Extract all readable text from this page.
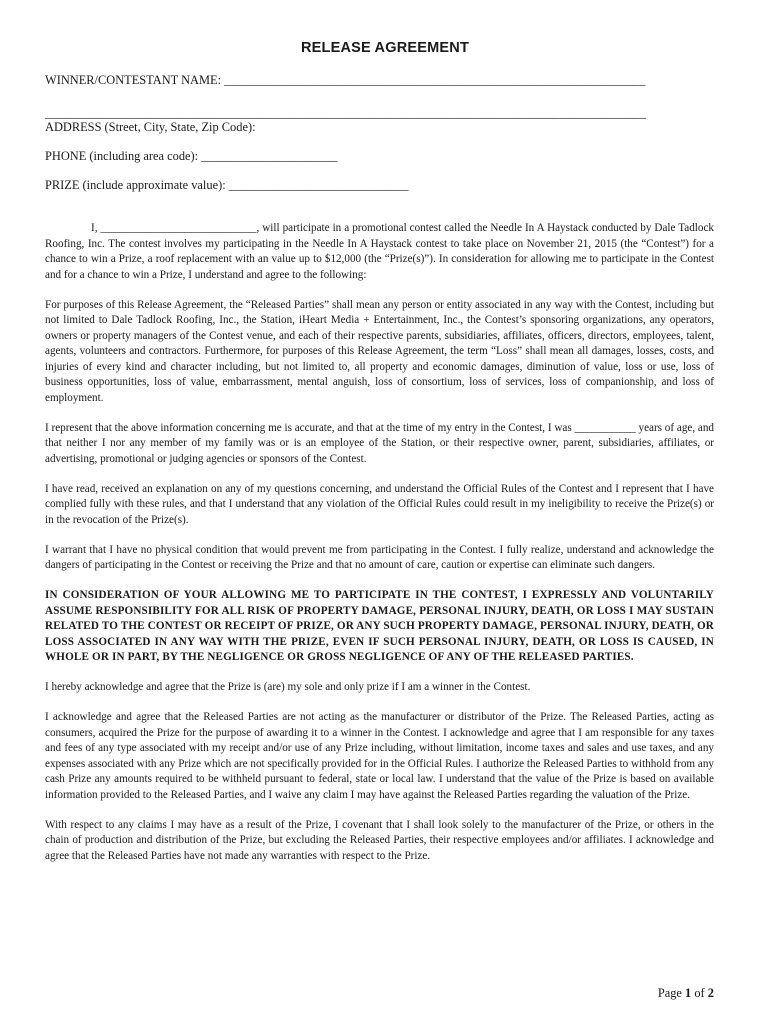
RELEASE AGREEMENT
WINNER/CONTESTANT NAME: ____________________________________________________________________
_________________________________________________________________________________________________
ADDRESS (Street, City, State, Zip Code):
PHONE (including area code): ______________________
PRIZE (include approximate value): _____________________________

I, ____________________________, will participate in a promotional contest called the Needle In A Haystack conducted by Dale Tadlock Roofing, Inc. The contest involves my participating in the Needle In A Haystack contest to take place on November 21, 2015 (the “Contest”) for a chance to win a Prize, a roof replacement with an value up to $12,000 (the “Prize(s)”). In consideration for allowing me to participate in the Contest and for a chance to win a Prize, I understand and agree to the following:

For purposes of this Release Agreement, the “Released Parties” shall mean any person or entity associated in any way with the Contest, including but not limited to Dale Tadlock Roofing, Inc., the Station, iHeart Media + Entertainment, Inc., the Contest’s sponsoring organizations, any operators, owners or property managers of the Contest venue, and each of their respective parents, subsidiaries, affiliates, officers, directors, employees, talent, agents, volunteers and contractors. Furthermore, for purposes of this Release Agreement, the term “Loss” shall mean all damages, losses, costs, and injuries of every kind and character including, but not limited to, all property and economic damages, diminution of value, loss or use, loss of business opportunities, loss of value, embarrassment, mental anguish, loss of consortium, loss of services, loss of companionship, and loss of employment.

I represent that the above information concerning me is accurate, and that at the time of my entry in the Contest, I was ___________ years of age, and that neither I nor any member of my family was or is an employee of the Station, or their respective owner, parent, subsidiaries, affiliates, or advertising, promotional or judging agencies or sponsors of the Contest.

I have read, received an explanation on any of my questions concerning, and understand the Official Rules of the Contest and I represent that I have complied fully with these rules, and that I understand that any violation of the Official Rules could result in my ineligibility to receive the Prize(s) or in the revocation of the Prize(s).

I warrant that I have no physical condition that would prevent me from participating in the Contest. I fully realize, understand and acknowledge the dangers of participating in the Contest or receiving the Prize and that no amount of care, caution or expertise can eliminate such dangers.

IN CONSIDERATION OF YOUR ALLOWING ME TO PARTICIPATE IN THE CONTEST, I EXPRESSLY AND VOLUNTARILY ASSUME RESPONSIBILITY FOR ALL RISK OF PROPERTY DAMAGE, PERSONAL INJURY, DEATH, OR LOSS I MAY SUSTAIN RELATED TO THE CONTEST OR RECEIPT OF PRIZE, OR ANY SUCH PROPERTY DAMAGE, PERSONAL INJURY, DEATH, OR LOSS ASSOCIATED IN ANY WAY WITH THE PRIZE, EVEN IF SUCH PERSONAL INJURY, DEATH, OR LOSS IS CAUSED, IN WHOLE OR IN PART, BY THE NEGLIGENCE OR GROSS NEGLIGENCE OF ANY OF THE RELEASED PARTIES.

I hereby acknowledge and agree that the Prize is (are) my sole and only prize if I am a winner in the Contest.

I acknowledge and agree that the Released Parties are not acting as the manufacturer or distributor of the Prize. The Released Parties, acting as consumers, acquired the Prize for the purpose of awarding it to a winner in the Contest. I acknowledge and agree that I am responsible for any taxes and fees of any type associated with my receipt and/or use of any Prize including, without limitation, income taxes and sales and use taxes, and any expenses associated with any Prize which are not specifically provided for in the Official Rules. I authorize the Released Parties to withhold from any cash Prize any amounts required to be withheld pursuant to federal, state or local law. I understand that the value of the Prize is based on available information provided to the Released Parties, and I waive any claim I may have against the Released Parties regarding the valuation of the Prize.

With respect to any claims I may have as a result of the Prize, I covenant that I shall look solely to the manufacturer of the Prize, or others in the chain of production and distribution of the Prize, but excluding the Released Parties, their respective employees and/or affiliates. I acknowledge and agree that the Released Parties have not made any warranties with respect to the Prize.

Page 1 of 2
